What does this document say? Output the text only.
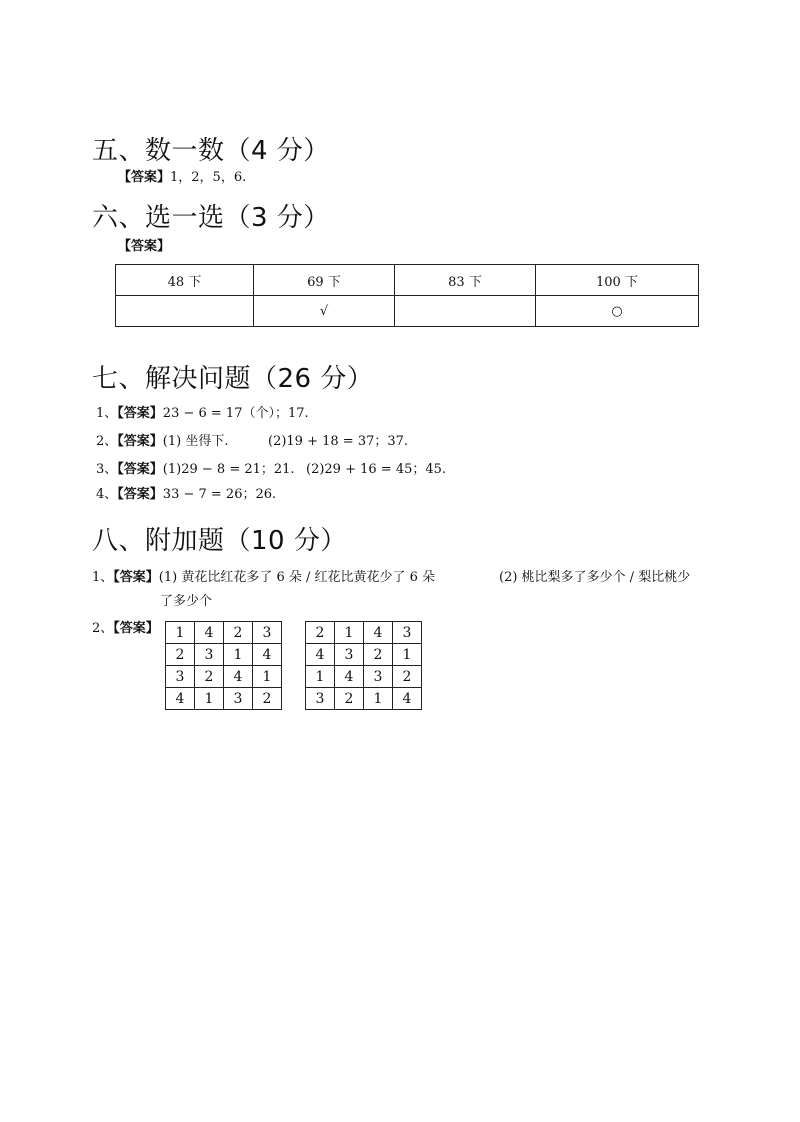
五、数一数（4 分）
【答案】1，2，5，6.
六、选一选（3 分）
【答案】
48 下	69 下	83 下	100 下
	√		○
七、解决问题（26 分）
1、【答案】23 − 6 = 17（个）；17.
2、【答案】(1) 坐得下.	(2)19 + 18 = 37；37.
3、【答案】(1)29 − 8 = 21；21. (2)29 + 16 = 45；45.
4、【答案】33 − 7 = 26；26.
八、附加题（10 分）
1、【答案】(1) 黄花比红花多了 6 朵 / 红花比黄花少了 6 朵	(2) 桃比梨多了多少个 / 梨比桃少
了多少个
2、【答案】 1	4	2	3
2	3	1	4
3	2	4	1
4	1	3	2
2	1	4	3
4	3	2	1
1	4	3	2
3	2	1	4
